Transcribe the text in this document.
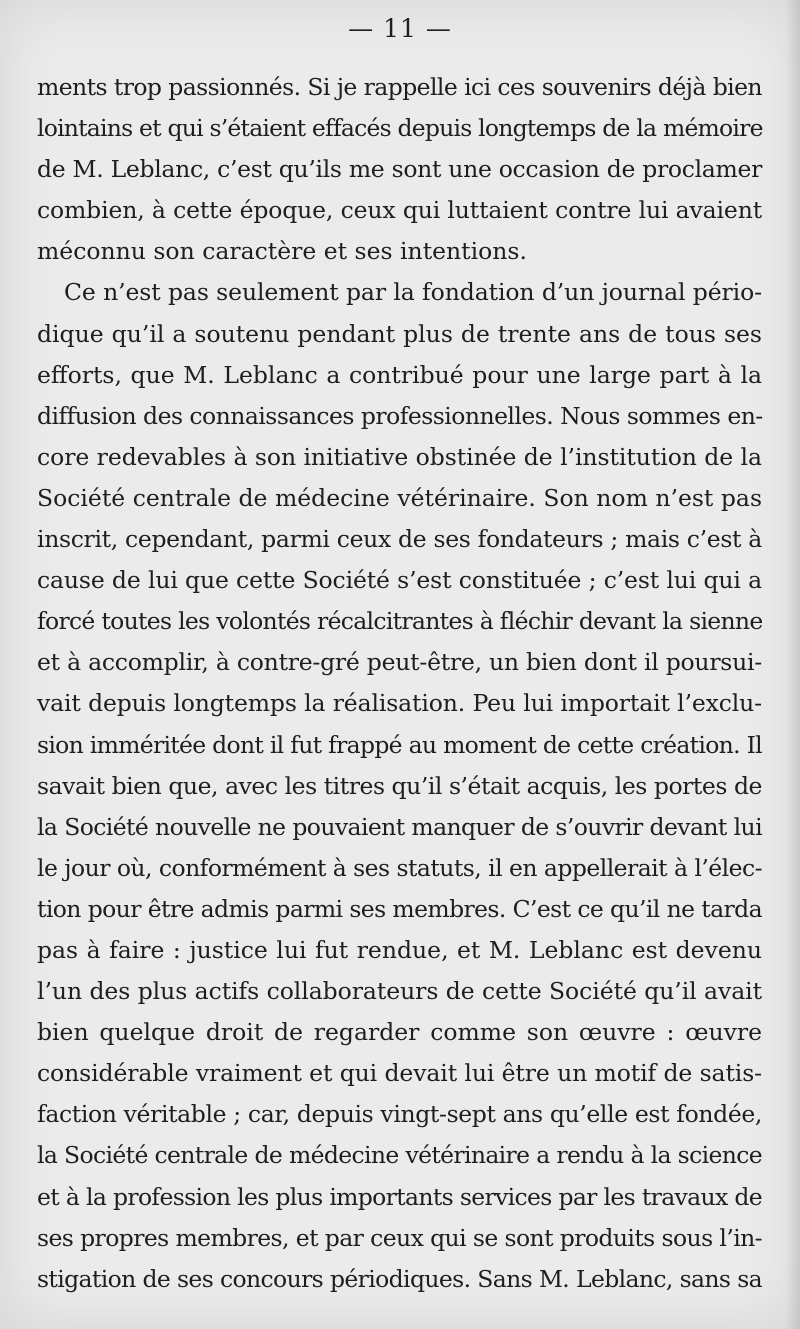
— 11 —
ments trop passionnés. Si je rappelle ici ces souvenirs déjà bien
lointains et qui s’étaient effacés depuis longtemps de la mémoire
de M. Leblanc, c’est qu’ils me sont une occasion de proclamer
combien, à cette époque, ceux qui luttaient contre lui avaient
méconnu son caractère et ses intentions.
Ce n’est pas seulement par la fondation d’un journal pério-
dique qu’il a soutenu pendant plus de trente ans de tous ses
efforts, que M. Leblanc a contribué pour une large part à la
diffusion des connaissances professionnelles. Nous sommes en-
core redevables à son initiative obstinée de l’institution de la
Société centrale de médecine vétérinaire. Son nom n’est pas
inscrit, cependant, parmi ceux de ses fondateurs ; mais c’est à
cause de lui que cette Société s’est constituée ; c’est lui qui a
forcé toutes les volontés récalcitrantes à fléchir devant la sienne
et à accomplir, à contre-gré peut-être, un bien dont il poursui-
vait depuis longtemps la réalisation. Peu lui importait l’exclu-
sion imméritée dont il fut frappé au moment de cette création. Il
savait bien que, avec les titres qu’il s’était acquis, les portes de
la Société nouvelle ne pouvaient manquer de s’ouvrir devant lui
le jour où, conformément à ses statuts, il en appellerait à l’élec-
tion pour être admis parmi ses membres. C’est ce qu’il ne tarda
pas à faire : justice lui fut rendue, et M. Leblanc est devenu
l’un des plus actifs collaborateurs de cette Société qu’il avait
bien quelque droit de regarder comme son œuvre : œuvre
considérable vraiment et qui devait lui être un motif de satis-
faction véritable ; car, depuis vingt-sept ans qu’elle est fondée,
la Société centrale de médecine vétérinaire a rendu à la science
et à la profession les plus importants services par les travaux de
ses propres membres, et par ceux qui se sont produits sous l’in-
stigation de ses concours périodiques. Sans M. Leblanc, sans sa
